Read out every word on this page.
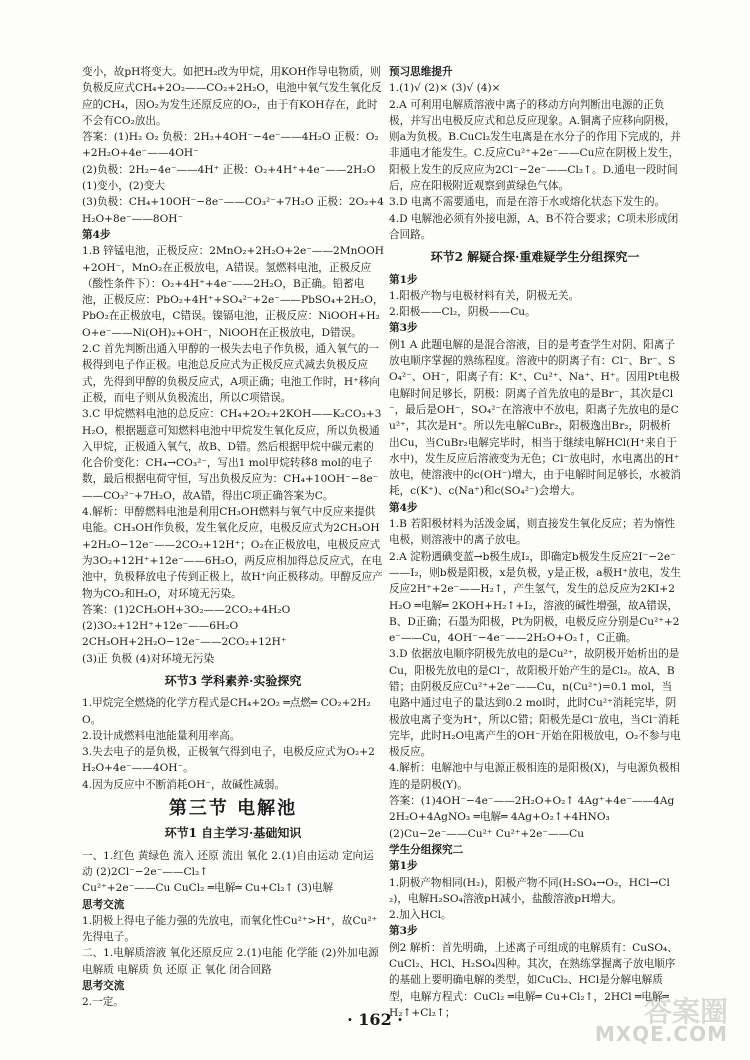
变小，故pH将变大。如把H₂改为甲烷，用KOH作导电物质，则负极反应式CH₄+2O₂——CO₂+2H₂O，电池中氧气发生氧化反应的CH₄，因O₂为发生还原反应的O₂，由于有KOH存在，此时不会有CO₂放出。
答案：(1)H₂ O₂ 负极：2H₂+4OH⁻−4e⁻——4H₂O 正极：O₂+2H₂O+4e⁻——4OH⁻
(2)负极：2H₂−4e⁻——4H⁺ 正极：O₂+4H⁺+4e⁻——2H₂O (1)变小，(2)变大
(3)负极：CH₄+10OH⁻−8e⁻——CO₃²⁻+7H₂O 正极：2O₂+4H₂O+8e⁻——8OH⁻
第4步
1.B 锌锰电池，正极反应：2MnO₂+2H₂O+2e⁻——2MnOOH+2OH⁻，MnO₂在正极放电，A错误。氢燃料电池，正极反应（酸性条件下）：O₂+4H⁺+4e⁻——2H₂O，B正确。铅蓄电池，正极反应：PbO₂+4H⁺+SO₄²⁻+2e⁻——PbSO₄+2H₂O，PbO₂在正极放电，C错误。镍镉电池，正极反应：NiOOH+H₂O+e⁻——Ni(OH)₂+OH⁻，NiOOH在正极放电，D错误。
2.C 首先判断出通入甲醇的一极失去电子作负极，通入氧气的一极得到电子作正极。电池总反应式为正极反应式减去负极反应式，先得到甲醇的负极反应式，A项正确；电池工作时，H⁺移向正极，而电子则从负极流出，所以C项错误。
3.C 甲烷燃料电池的总反应：CH₄+2O₂+2KOH——K₂CO₃+3H₂O，根据题意可知燃料电池中甲烷发生氧化反应，所以负极通入甲烷，正极通入氧气，故B、D错。然后根据甲烷中碳元素的化合价变化：CH₄→CO₃²⁻，写出1 mol甲烷转移8 mol的电子数，最后根据电荷守恒，写出负极反应为：CH₄+10OH⁻−8e⁻——CO₃²⁻+7H₂O，故A错，得出C项正确答案为C。
4.解析：甲醇燃料电池是利用CH₃OH燃料与氧气中反应来提供电能。CH₃OH作负极，发生氧化反应，电极反应式为2CH₃OH+2H₂O−12e⁻——2CO₂+12H⁺；O₂在正极放电，电极反应式为3O₂+12H⁺+12e⁻——6H₂O，两反应相加得总反应式，在电池中，负极释放电子传到正极上，故H⁺向正极移动。甲醇反应产物为CO₂和H₂O，对环境无污染。
答案：(1)2CH₃OH+3O₂——2CO₂+4H₂O
(2)3O₂+12H⁺+12e⁻——6H₂O
2CH₃OH+2H₂O−12e⁻——2CO₂+12H⁺
(3)正 负极 (4)对环境无污染
环节3 学科素养·实验探究
1.甲烷完全燃烧的化学方程式是CH₄+2O₂ ═点燃═ CO₂+2H₂O。
2.设计成燃料电池能量利用率高。
3.失去电子的是负极，正极氧气得到电子，电极反应式为O₂+2H₂O+4e⁻——4OH⁻。
4.因为反应中不断消耗OH⁻，故碱性减弱。
第三节 电解池
环节1 自主学习·基础知识
一、1.红色 黄绿色 流入 还原 流出 氧化 2.(1)自由运动 定向运动 (2)2Cl⁻−2e⁻——Cl₂↑
Cu²⁺+2e⁻——Cu CuCl₂ ═电解═ Cu+Cl₂↑ (3)电解
思考交流
1.阴极上得电子能力强的先放电，而氧化性Cu²⁺>H⁺，故Cu²⁺先得电子。
二、1.电解质溶液 氧化还原反应 2.(1)电能 化学能 (2)外加电源 电解质 电解质 负 还原 正 氧化 闭合回路
思考交流
2.一定。
预习思维提升
1.(1)√ (2)× (3)√ (4)×
2.A 可利用电解质溶液中离子的移动方向判断出电源的正负极，并写出电极反应式和总反应现象。A.铜离子应移向阴极，则a为负极。B.CuCl₂发生电离是在水分子的作用下完成的，并非通电才能发生。C.反应Cu²⁺+2e⁻——Cu应在阴极上发生，阳极上发生的反应应为2Cl⁻−2e⁻——Cl₂↑。D.通电一段时间后，应在阳极附近观察到黄绿色气体。
3.D 电离不需要通电，而是在溶于水或熔化状态下发生的。
4.D 电解池必须有外接电源，A、B不符合要求；C项未形成闭合回路。
环节2 解疑合探·重难疑学生分组探究一
第1步
1.阳极产物与电极材料有关，阴极无关。
2.阳极——Cl₂，阴极——Cu。
第3步
例1 A 此题电解的是混合溶液，目的是考查学生对阴、阳离子放电顺序掌握的熟练程度。溶液中的阴离子有：Cl⁻、Br⁻、SO₄²⁻、OH⁻，阳离子有：K⁺、Cu²⁺、Na⁺、H⁺。因用Pt电极电解时间足够长，阴极：阴离子首先放电的是Br⁻，其次是Cl⁻，最后是OH⁻，SO₄²⁻在溶液中不放电，阳离子先放电的是Cu²⁺，其次是H⁺。所以先电解CuBr₂，阳极逸出Br₂，阴极析出Cu，当CuBr₂电解完毕时，相当于继续电解HCl(H⁺来自于水中)，发生反应后溶液变为无色；Cl⁻放电时，水电离出的H⁺放电，使溶液中的c(OH⁻)增大，由于电解时间足够长，水被消耗，c(K⁺)、c(Na⁺)和c(SO₄²⁻)会增大。
第4步
1.B 若阳极材料为活泼金属，则直接发生氧化反应；若为惰性电极，则溶液中的离子放电。
2.A 淀粉遇碘变蓝→b极生成I₂，即确定b极发生反应2I⁻−2e⁻——I₂，则b极是阳极，x是负极，y是正极，a极H⁺放电，发生反应2H⁺+2e⁻——H₂↑，产生氢气，发生的总反应为2KI+2H₂O ═电解═ 2KOH+H₂↑+I₂，溶液的碱性增强，故A错误，B、D正确；石墨为阳极，Pt为阴极，电极反应分别是Cu²⁺+2e⁻——Cu，4OH⁻−4e⁻——2H₂O+O₂↑，C正确。
3.D 依据放电顺序阴极先放电的是Cu²⁺，故阴极开始析出的是Cu，阳极先放电的是Cl⁻，故阳极开始产生的是Cl₂。故A、B错；由阴极反应Cu²⁺+2e⁻——Cu，n(Cu²⁺)=0.1 mol，当电路中通过电子的量达到0.2 mol时，此时Cu²⁺消耗完毕，阴极放电离子变为H⁺，所以C错；阳极先是Cl⁻放电，当Cl⁻消耗完毕，此时H₂O电离产生的OH⁻开始在阳极放电，O₂不参与电极反应。
4.解析：电解池中与电源正极相连的是阳极(X)，与电源负极相连的是阴极(Y)。
答案：(1)4OH⁻−4e⁻——2H₂O+O₂↑ 4Ag⁺+4e⁻——4Ag 2H₂O+4AgNO₃ ═电解═ 4Ag+O₂↑+4HNO₃
(2)Cu−2e⁻——Cu²⁺ Cu²⁺+2e⁻——Cu
学生分组探究二
第1步
1.阴极产物相同(H₂)，阳极产物不同(H₂SO₄→O₂，HCl→Cl₂)，电解H₂SO₄溶液pH减小，盐酸溶液pH增大。
2.加入HCl。
第3步
例2 解析：首先明确，上述离子可组成的电解质有：CuSO₄、CuCl₂、HCl、H₂SO₄四种。其次，在熟练掌握离子放电顺序的基础上要明确电解的类型，如CuCl₂、HCl是分解电解质型，电解方程式：CuCl₂ ═电解═ Cu+Cl₂↑，2HCl ═电解═ H₂↑+Cl₂↑；
· 162 ·	答案圈
MXQE.COM
